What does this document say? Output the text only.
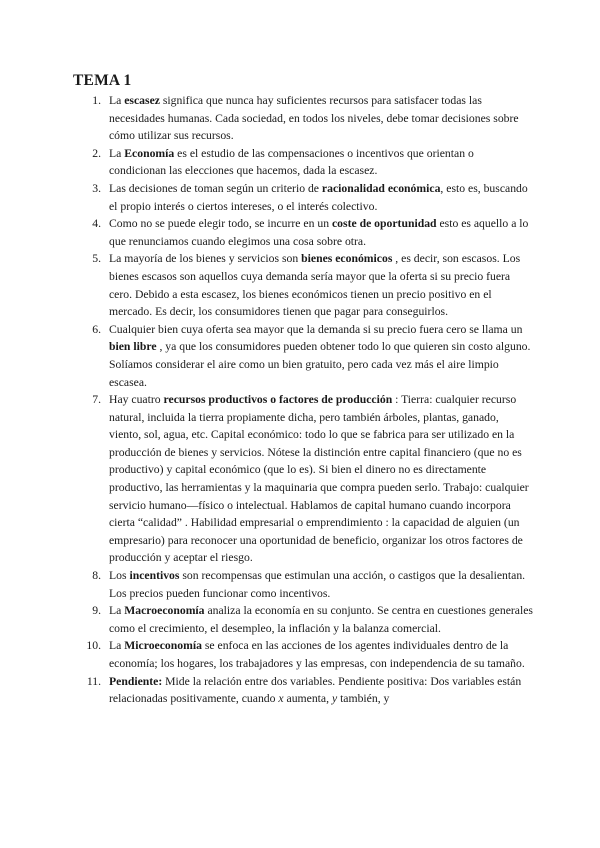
TEMA 1
1. La escasez significa que nunca hay suficientes recursos para satisfacer todas las necesidades humanas. Cada sociedad, en todos los niveles, debe tomar decisiones sobre cómo utilizar sus recursos.
2. La Economía es el estudio de las compensaciones o incentivos que orientan o condicionan las elecciones que hacemos, dada la escasez.
3. Las decisiones de toman según un criterio de racionalidad económica, esto es, buscando el propio interés o ciertos intereses, o el interés colectivo.
4. Como no se puede elegir todo, se incurre en un coste de oportunidad esto es aquello a lo que renunciamos cuando elegimos una cosa sobre otra.
5. La mayoría de los bienes y servicios son bienes económicos , es decir, son escasos. Los bienes escasos son aquellos cuya demanda sería mayor que la oferta si su precio fuera cero. Debido a esta escasez, los bienes económicos tienen un precio positivo en el mercado. Es decir, los consumidores tienen que pagar para conseguirlos.
6. Cualquier bien cuya oferta sea mayor que la demanda si su precio fuera cero se llama un bien libre , ya que los consumidores pueden obtener todo lo que quieren sin costo alguno. Solíamos considerar el aire como un bien gratuito, pero cada vez más el aire limpio escasea.
7. Hay cuatro recursos productivos o factores de producción : Tierra: cualquier recurso natural, incluida la tierra propiamente dicha, pero también árboles, plantas, ganado, viento, sol, agua, etc. Capital económico: todo lo que se fabrica para ser utilizado en la producción de bienes y servicios. Nótese la distinción entre capital financiero (que no es productivo) y capital económico (que lo es). Si bien el dinero no es directamente productivo, las herramientas y la maquinaria que compra pueden serlo. Trabajo: cualquier servicio humano—físico o intelectual. Hablamos de capital humano cuando incorpora cierta “calidad” . Habilidad empresarial o emprendimiento : la capacidad de alguien (un empresario) para reconocer una oportunidad de beneficio, organizar los otros factores de producción y aceptar el riesgo.
8. Los incentivos son recompensas que estimulan una acción, o castigos que la desalientan. Los precios pueden funcionar como incentivos.
9. La Macroeconomía analiza la economía en su conjunto. Se centra en cuestiones generales como el crecimiento, el desempleo, la inflación y la balanza comercial.
10. La Microeconomía se enfoca en las acciones de los agentes individuales dentro de la economía; los hogares, los trabajadores y las empresas, con independencia de su tamaño.
11. Pendiente: Mide la relación entre dos variables. Pendiente positiva: Dos variables están relacionadas positivamente, cuando x aumenta, y también, y
